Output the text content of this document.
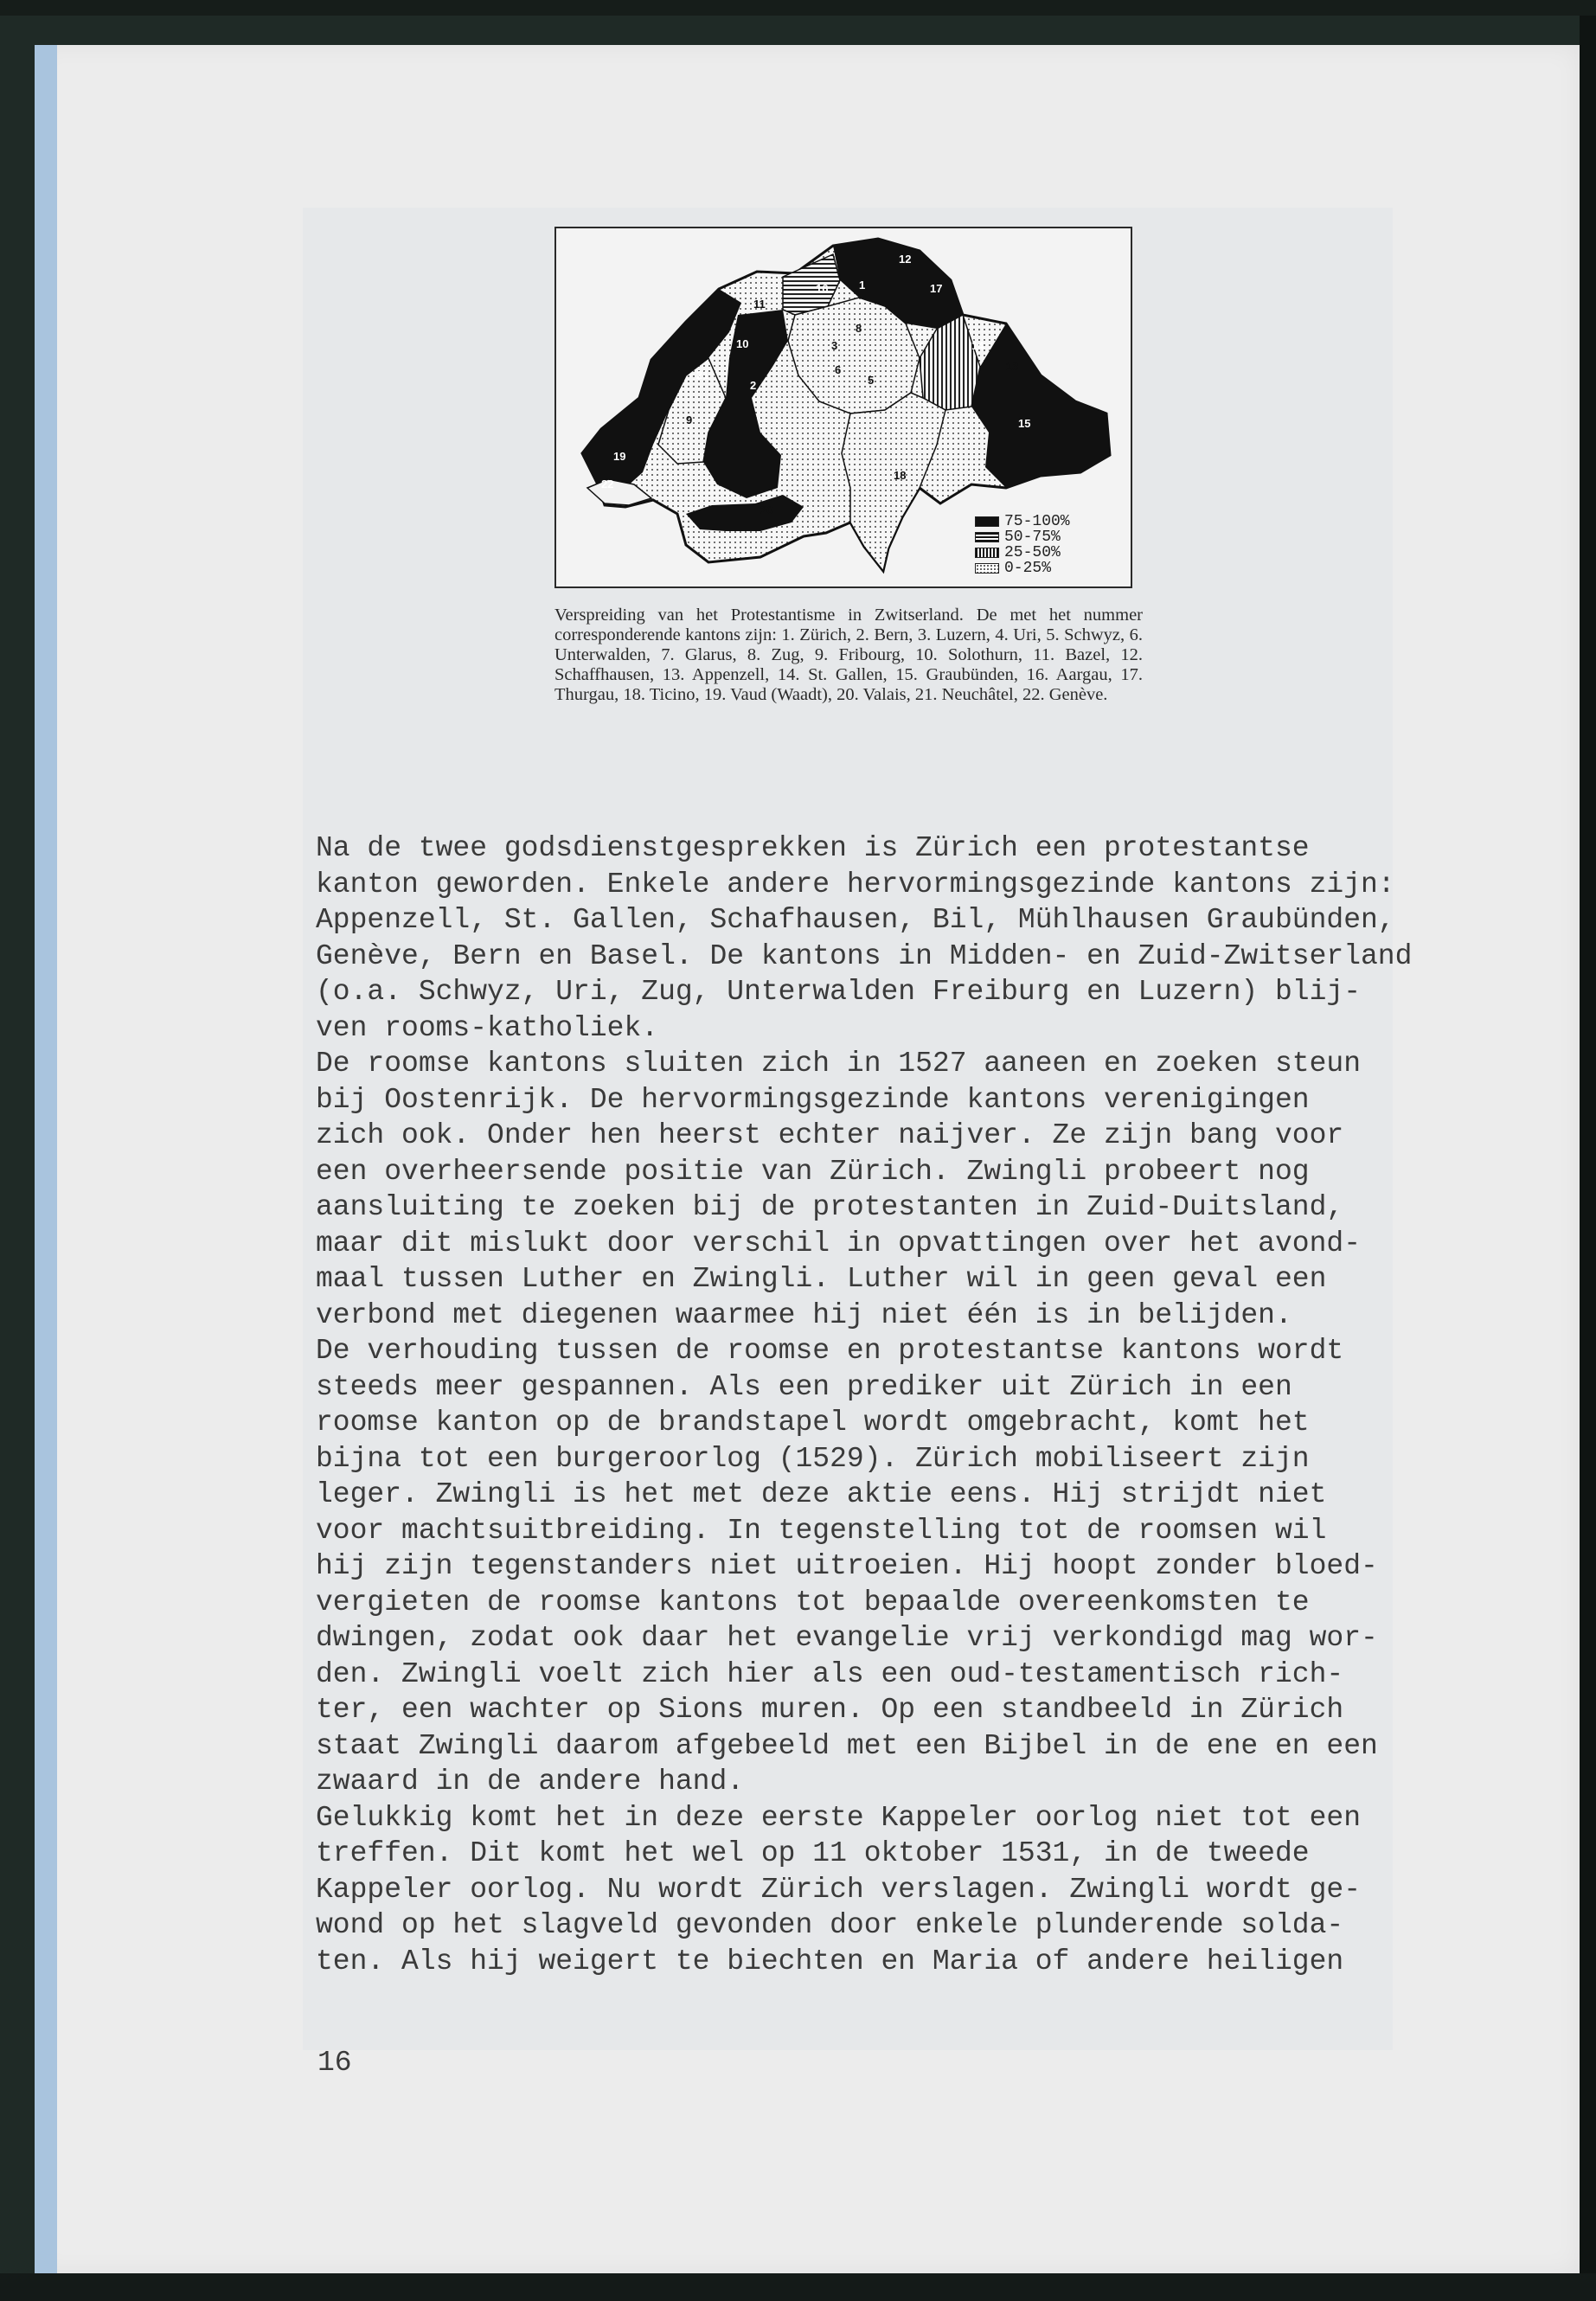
1
12
17
16
10
11
21
2
9
19
22
15
13
14
3
5
8
6
18
20
75-100%
50-75%
25-50%
0-25%
Verspreiding van het Protestantisme in Zwitserland. De met het nummer corresponderende kantons zijn: 1. Zürich, 2. Bern, 3. Luzern, 4. Uri, 5. Schwyz, 6. Unterwalden, 7. Glarus, 8. Zug, 9. Fribourg, 10. Solothurn, 11. Bazel, 12. Schaffhausen, 13. Appenzell, 14. St. Gallen, 15. Graubünden, 16. Aargau, 17. Thurgau, 18. Ticino, 19. Vaud (Waadt), 20. Valais, 21. Neuchâtel, 22. Genève.
Na de twee godsdienstgesprekken is Zürich een protestantse
kanton geworden. Enkele andere hervormingsgezinde kantons zijn:
Appenzell, St. Gallen, Schafhausen, Bil, Mühlhausen Graubünden,
Genève, Bern en Basel. De kantons in Midden- en Zuid-Zwitserland
(o.a. Schwyz, Uri, Zug, Unterwalden Freiburg en Luzern) blij-
ven rooms-katholiek.
De roomse kantons sluiten zich in 1527 aaneen en zoeken steun
bij Oostenrijk. De hervormingsgezinde kantons verenigingen
zich ook. Onder hen heerst echter naijver. Ze zijn bang voor
een overheersende positie van Zürich. Zwingli probeert nog
aansluiting te zoeken bij de protestanten in Zuid-Duitsland,
maar dit mislukt door verschil in opvattingen over het avond-
maal tussen Luther en Zwingli. Luther wil in geen geval een
verbond met diegenen waarmee hij niet één is in belijden.
De verhouding tussen de roomse en protestantse kantons wordt
steeds meer gespannen. Als een prediker uit Zürich in een
roomse kanton op de brandstapel wordt omgebracht, komt het
bijna tot een burgeroorlog (1529). Zürich mobiliseert zijn
leger. Zwingli is het met deze aktie eens. Hij strijdt niet
voor machtsuitbreiding. In tegenstelling tot de roomsen wil
hij zijn tegenstanders niet uitroeien. Hij hoopt zonder bloed-
vergieten de roomse kantons tot bepaalde overeenkomsten te
dwingen, zodat ook daar het evangelie vrij verkondigd mag wor-
den. Zwingli voelt zich hier als een oud-testamentisch rich-
ter, een wachter op Sions muren. Op een standbeeld in Zürich
staat Zwingli daarom afgebeeld met een Bijbel in de ene en een
zwaard in de andere hand.
Gelukkig komt het in deze eerste Kappeler oorlog niet tot een
treffen. Dit komt het wel op 11 oktober 1531, in de tweede
Kappeler oorlog. Nu wordt Zürich verslagen. Zwingli wordt ge-
wond op het slagveld gevonden door enkele plunderende solda-
ten. Als hij weigert te biechten en Maria of andere heiligen
16
